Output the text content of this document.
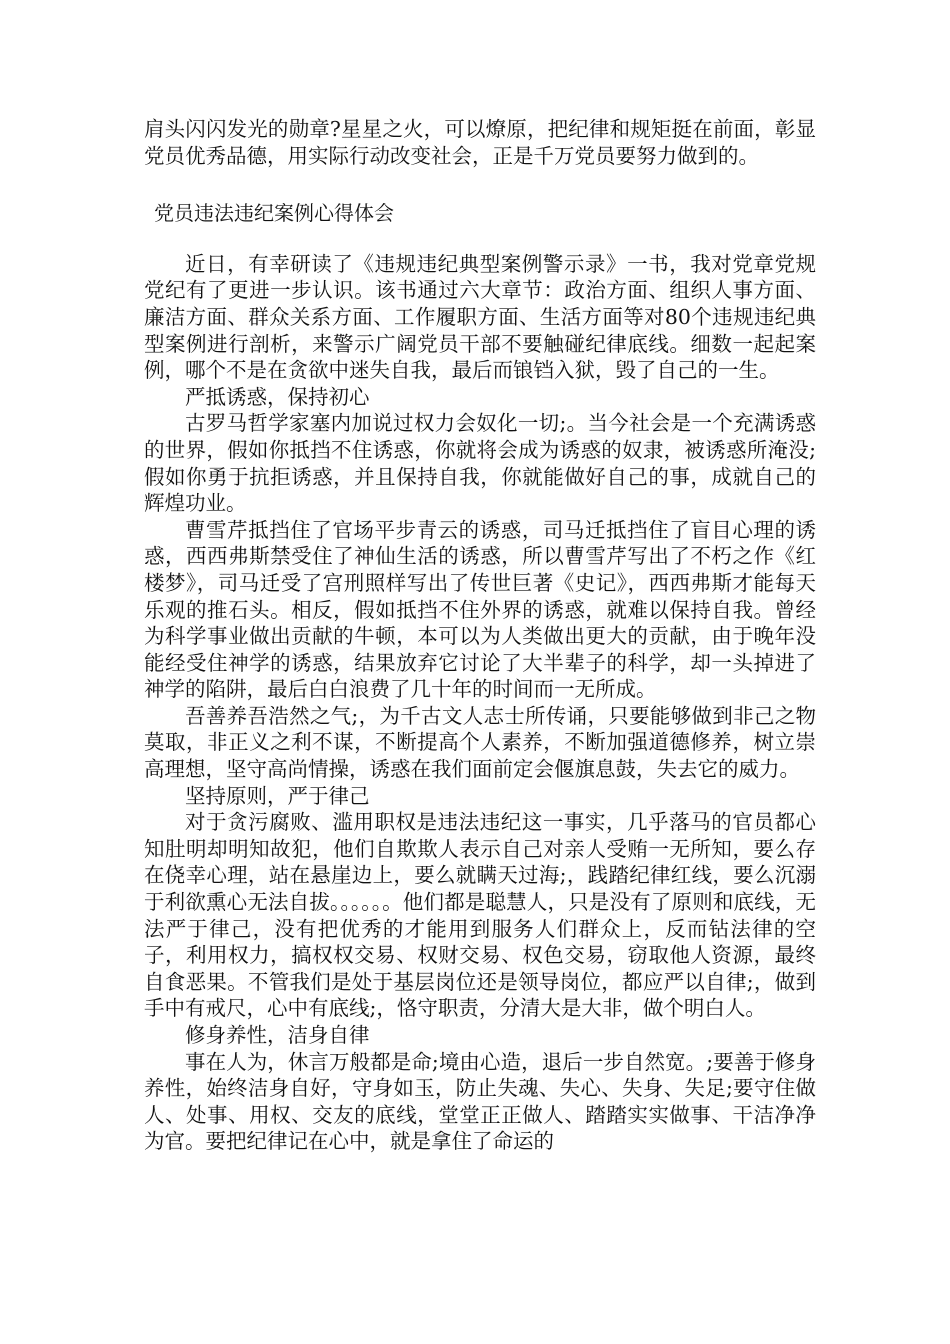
肩头闪闪发光的勋章?星星之火，可以燎原，把纪律和规矩挺在前面，彰显党员优秀品德，用实际行动改变社会，正是千万党员要努力做到的。

党员违法违纪案例心得体会

近日，有幸研读了《违规违纪典型案例警示录》一书，我对党章党规党纪有了更进一步认识。该书通过六大章节：政治方面、组织人事方面、廉洁方面、群众关系方面、工作履职方面、生活方面等对80个违规违纪典型案例进行剖析，来警示广阔党员干部不要触碰纪律底线。细数一起起案例，哪个不是在贪欲中迷失自我，最后而锒铛入狱，毁了自己的一生。

严抵诱惑，保持初心

古罗马哲学家塞内加说过权力会奴化一切;。当今社会是一个充满诱惑的世界，假如你抵挡不住诱惑，你就将会成为诱惑的奴隶，被诱惑所淹没;假如你勇于抗拒诱惑，并且保持自我，你就能做好自己的事，成就自己的辉煌功业。

曹雪芹抵挡住了官场平步青云的诱惑，司马迁抵挡住了盲目心理的诱惑，西西弗斯禁受住了神仙生活的诱惑，所以曹雪芹写出了不朽之作《红楼梦》，司马迁受了宫刑照样写出了传世巨著《史记》，西西弗斯才能每天乐观的推石头。相反，假如抵挡不住外界的诱惑，就难以保持自我。曾经为科学事业做出贡献的牛顿，本可以为人类做出更大的贡献，由于晚年没能经受住神学的诱惑，结果放弃它讨论了大半辈子的科学，却一头掉进了神学的陷阱，最后白白浪费了几十年的时间而一无所成。

吾善养吾浩然之气;，为千古文人志士所传诵，只要能够做到非己之物莫取，非正义之利不谋，不断提高个人素养，不断加强道德修养，树立崇高理想，坚守高尚情操，诱惑在我们面前定会偃旗息鼓，失去它的威力。

坚持原则，严于律己

对于贪污腐败、滥用职权是违法违纪这一事实，几乎落马的官员都心知肚明却明知故犯，他们自欺欺人表示自己对亲人受贿一无所知，要么存在侥幸心理，站在悬崖边上，要么就瞒天过海;，践踏纪律红线，要么沉溺于利欲熏心无法自拔。。。。。。他们都是聪慧人，只是没有了原则和底线，无法严于律己，没有把优秀的才能用到服务人们群众上，反而钻法律的空子，利用权力，搞权权交易、权财交易、权色交易，窃取他人资源，最终自食恶果。不管我们是处于基层岗位还是领导岗位，都应严以自律;，做到手中有戒尺，心中有底线;，恪守职责，分清大是大非，做个明白人。

修身养性，洁身自律

事在人为，休言万般都是命;境由心造，退后一步自然宽。;要善于修身养性，始终洁身自好，守身如玉，防止失魂、失心、失身、失足;要守住做人、处事、用权、交友的底线，堂堂正正做人、踏踏实实做事、干洁净净为官。要把纪律记在心中，就是拿住了命运的
